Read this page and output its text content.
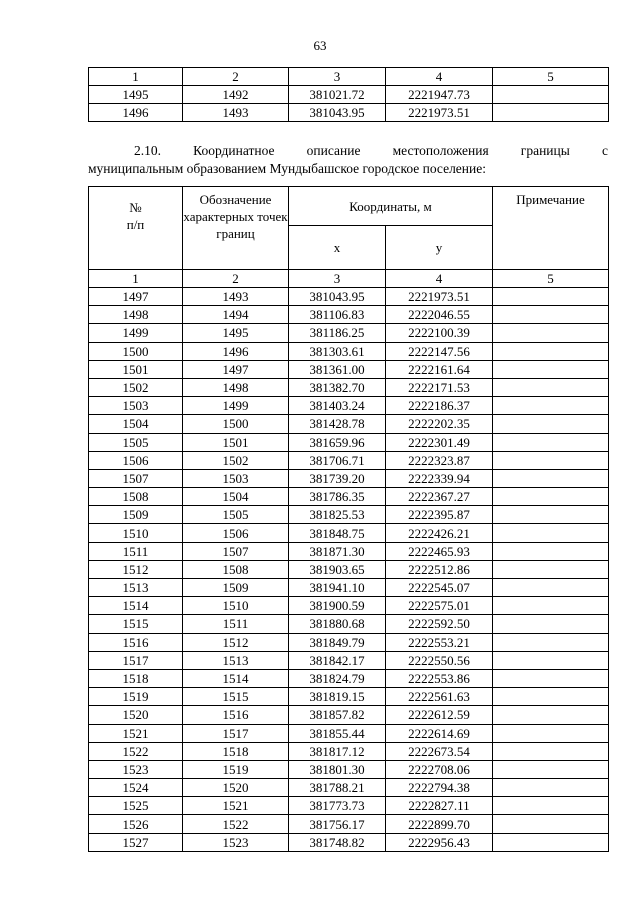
63
1	2	3	4	5
1495	1492	381021.72	2221947.73	
1496	1493	381043.95	2221973.51	
2.10. Координатное описание местоположения границы с
муниципальным образованием Мундыбашское городское поселение:
№
п/п	Обозначение характерных точек границ	Координаты, м		Примечание
		x	y	
1	2	3	4	5
1497	1493	381043.95	2221973.51	
1498	1494	381106.83	2222046.55	
1499	1495	381186.25	2222100.39	
1500	1496	381303.61	2222147.56	
1501	1497	381361.00	2222161.64	
1502	1498	381382.70	2222171.53	
1503	1499	381403.24	2222186.37	
1504	1500	381428.78	2222202.35	
1505	1501	381659.96	2222301.49	
1506	1502	381706.71	2222323.87	
1507	1503	381739.20	2222339.94	
1508	1504	381786.35	2222367.27	
1509	1505	381825.53	2222395.87	
1510	1506	381848.75	2222426.21	
1511	1507	381871.30	2222465.93	
1512	1508	381903.65	2222512.86	
1513	1509	381941.10	2222545.07	
1514	1510	381900.59	2222575.01	
1515	1511	381880.68	2222592.50	
1516	1512	381849.79	2222553.21	
1517	1513	381842.17	2222550.56	
1518	1514	381824.79	2222553.86	
1519	1515	381819.15	2222561.63	
1520	1516	381857.82	2222612.59	
1521	1517	381855.44	2222614.69	
1522	1518	381817.12	2222673.54	
1523	1519	381801.30	2222708.06	
1524	1520	381788.21	2222794.38	
1525	1521	381773.73	2222827.11	
1526	1522	381756.17	2222899.70	
1527	1523	381748.82	2222956.43	
